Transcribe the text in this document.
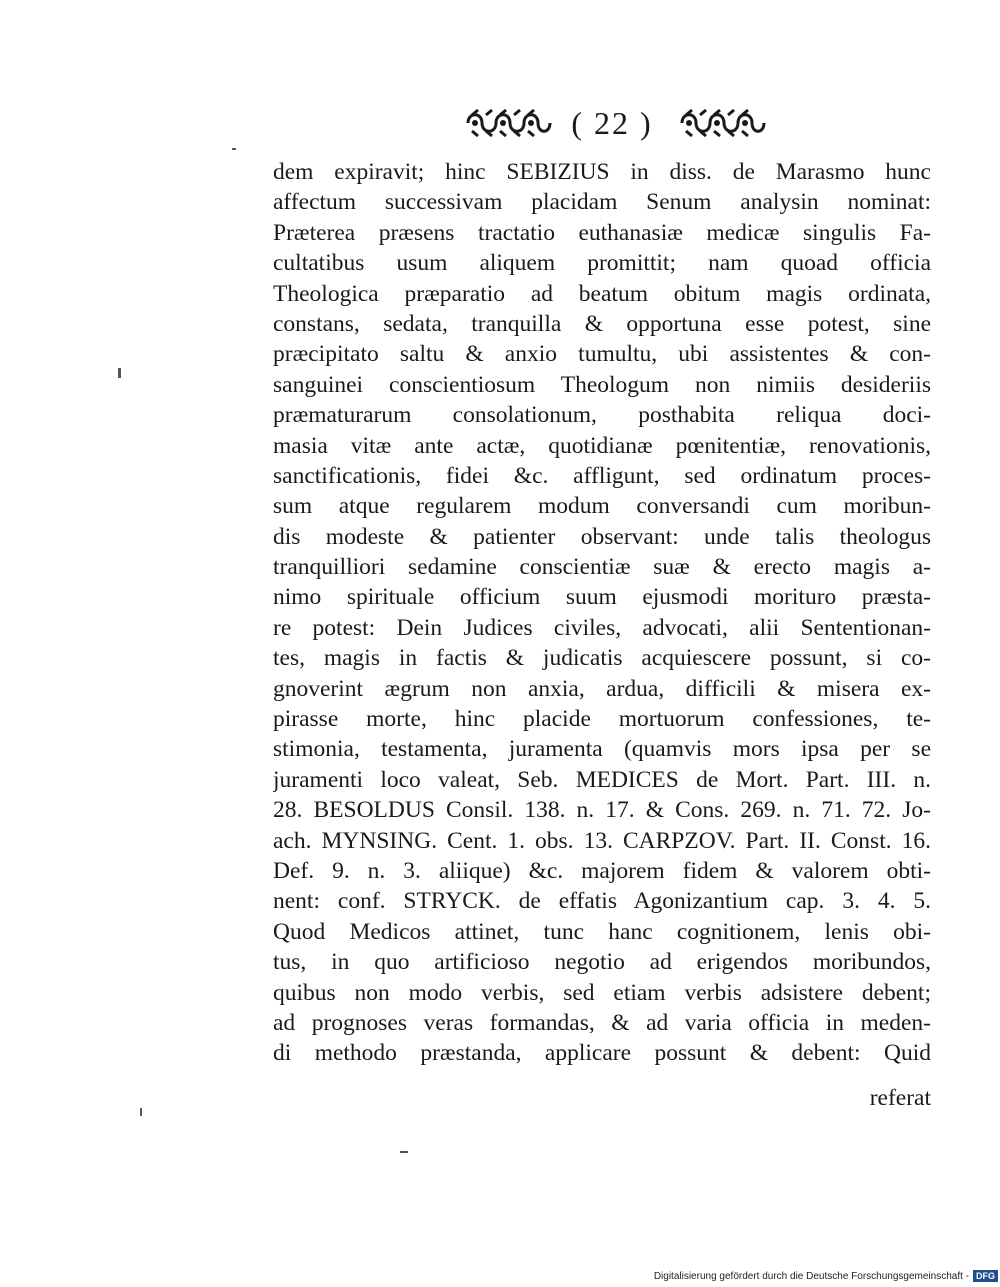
( 22 )
dem expiravit; hinc SEBIZIUS in diss. de Marasmo hunc
affectum successivam placidam Senum analysin nominat:
Præterea præsens tractatio euthanasiæ medicæ singulis Fa-
cultatibus usum aliquem promittit; nam quoad officia
Theologica præparatio ad beatum obitum magis ordinata,
constans, sedata, tranquilla & opportuna esse potest, sine
præcipitato saltu & anxio tumultu, ubi assistentes & con-
sanguinei conscientiosum Theologum non nimiis desideriis
præmaturarum consolationum, posthabita reliqua doci-
masia vitæ ante actæ, quotidianæ pœnitentiæ, renovationis,
sanctificationis, fidei &c. affligunt, sed ordinatum proces-
sum atque regularem modum conversandi cum moribun-
dis modeste & patienter observant: unde talis theologus
tranquilliori sedamine conscientiæ suæ & erecto magis a-
nimo spirituale officium suum ejusmodi morituro præsta-
re potest: Dein Judices civiles, advocati, alii Sententionan-
tes, magis in factis & judicatis acquiescere possunt, si co-
gnoverint ægrum non anxia, ardua, difficili & misera ex-
pirasse morte, hinc placide mortuorum confessiones, te-
stimonia, testamenta, juramenta (quamvis mors ipsa per se
juramenti loco valeat, Seb. MEDICES de Mort. Part. III. n.
28. BESOLDUS Consil. 138. n. 17. & Cons. 269. n. 71. 72. Jo-
ach. MYNSING. Cent. 1. obs. 13. CARPZOV. Part. II. Const. 16.
Def. 9. n. 3. aliique) &c. majorem fidem & valorem obti-
nent: conf. STRYCK. de effatis Agonizantium cap. 3. 4. 5.
Quod Medicos attinet, tunc hanc cognitionem, lenis obi-
tus, in quo artificioso negotio ad erigendos moribundos,
quibus non modo verbis, sed etiam verbis adsistere debent;
ad prognoses veras formandas, & ad varia officia in meden-
di methodo præstanda, applicare possunt & debent: Quid
referat
Digitalisierung gefördert durch die Deutsche Forschungsgemeinschaft - DFG
